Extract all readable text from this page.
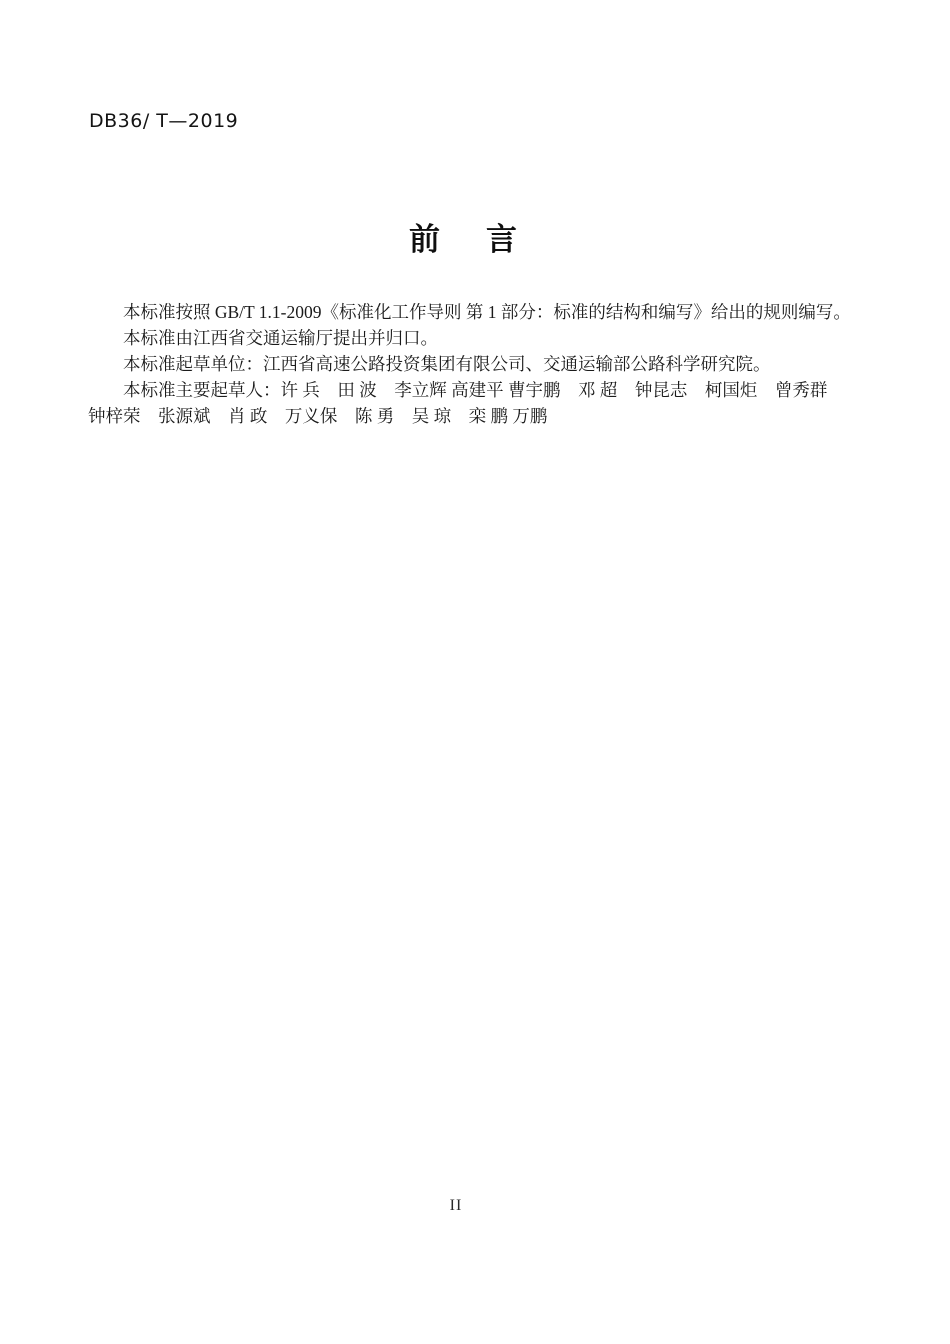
DB36/ T—2019
前 言
本标准按照 GB/T 1.1-2009《标准化工作导则 第 1 部分：标准的结构和编写》给出的规则编写。
本标准由江西省交通运输厅提出并归口。
本标准起草单位：江西省高速公路投资集团有限公司、交通运输部公路科学研究院。
本标准主要起草人：许 兵　田 波　李立辉 高建平 曹宇鹏　邓 超　钟昆志　柯国炬　曾秀群
钟梓荣　张源斌　肖 政　万义保　陈 勇　吴 琼　栾 鹏 万鹏
II
